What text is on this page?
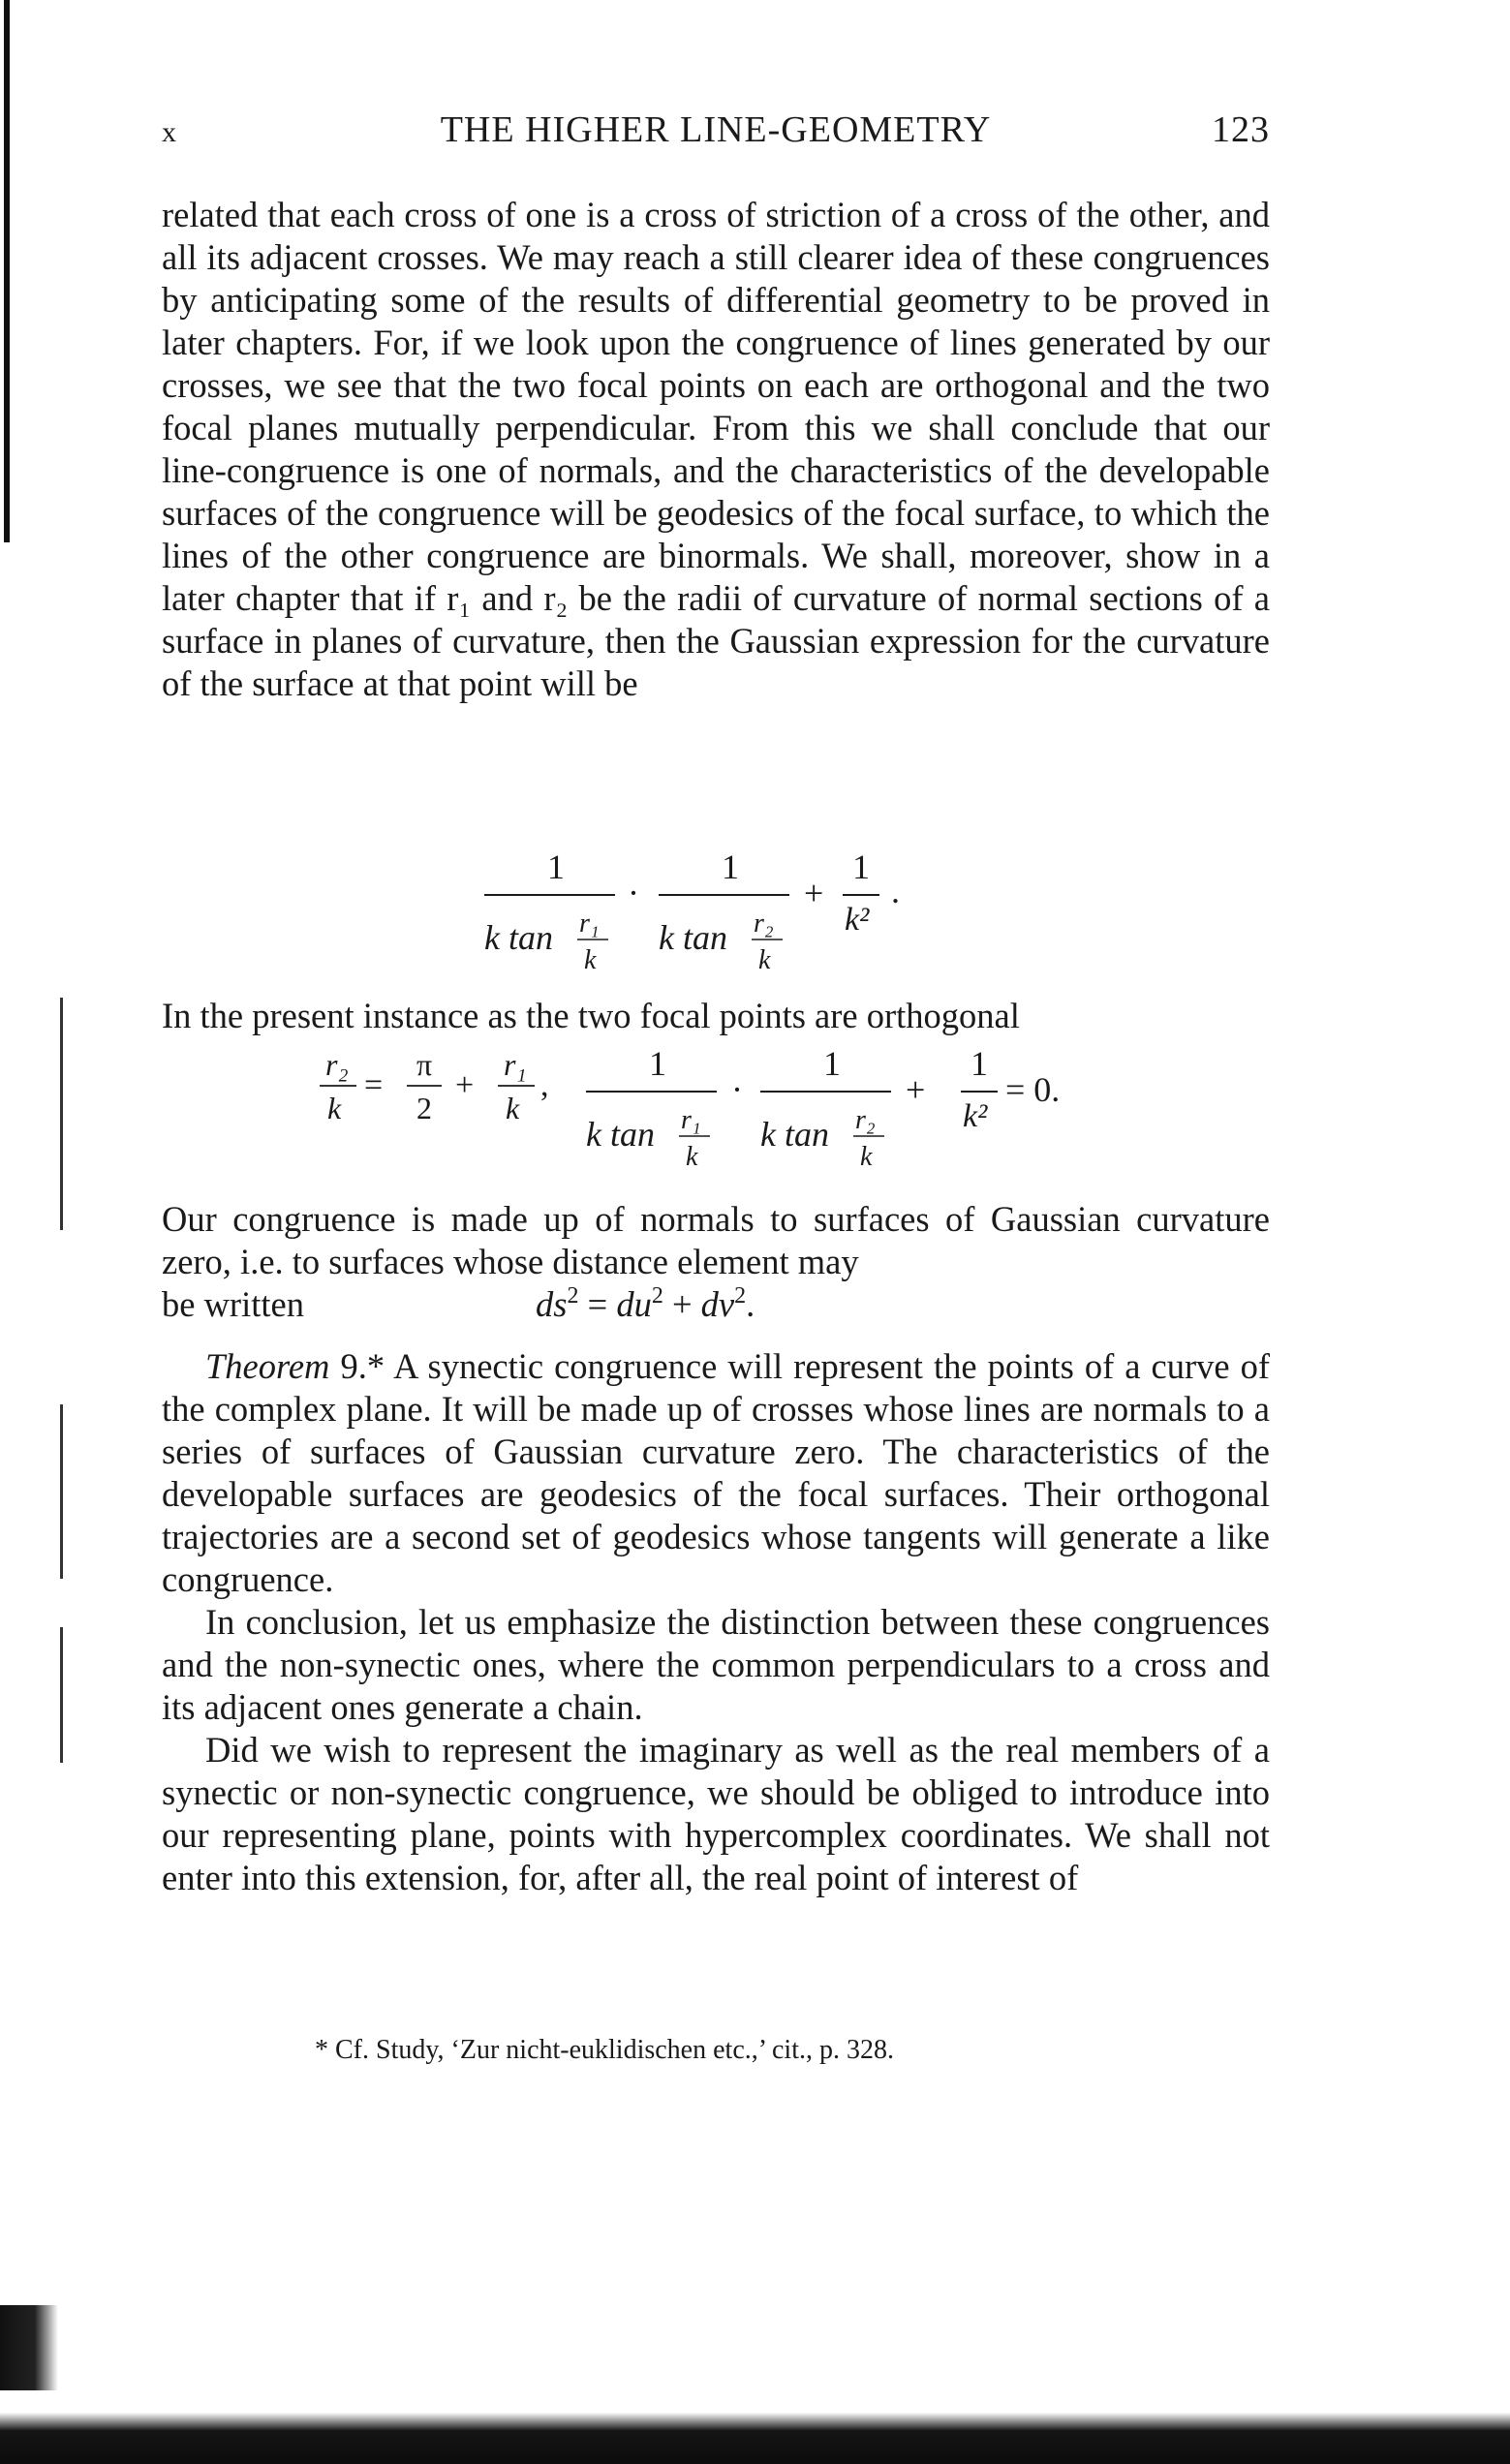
x	THE HIGHER LINE-GEOMETRY	123

related that each cross of one is a cross of striction of a cross of the other, and all its adjacent crosses. We may reach a still clearer idea of these congruences by anticipating some of the results of differential geometry to be proved in later chapters. For, if we look upon the congruence of lines generated by our crosses, we see that the two focal points on each are orthogonal and the two focal planes mutually perpendicular. From this we shall conclude that our line-congruence is one of normals, and the characteristics of the developable surfaces of the congruence will be geodesics of the focal surface, to which the lines of the other congruence are binormals. We shall, moreover, show in a later chapter that if r₁ and r₂ be the radii of curvature of normal sections of a surface in planes of curvature, then the Gaussian expression for the curvature of the surface at that point will be

1
k tan r₁
k
·
1
k tan r₂
k
+
1
k²
.

In the present instance as the two focal points are orthogonal

r₂
k
=
π
2
+
r₁
k
,
1
k tan r₁
k
·
1
k tan r₂
k
+
1
k²
= 0.

Our congruence is made up of normals to surfaces of Gaussian curvature zero, i.e. to surfaces whose distance element may

be written	$ds^2 = du^2 + dv^2$.

Theorem 9.* A synectic congruence will represent the points of a curve of the complex plane. It will be made up of crosses whose lines are normals to a series of surfaces of Gaussian curvature zero. The characteristics of the developable surfaces are geodesics of the focal surfaces. Their orthogonal trajectories are a second set of geodesics whose tangents will generate a like congruence.

In conclusion, let us emphasize the distinction between these congruences and the non-synectic ones, where the common perpendiculars to a cross and its adjacent ones generate a chain.

Did we wish to represent the imaginary as well as the real members of a synectic or non-synectic congruence, we should be obliged to introduce into our representing plane, points with hypercomplex coordinates. We shall not enter into this extension, for, after all, the real point of interest of

* Cf. Study, ‘Zur nicht-euklidischen etc.,’ cit., p. 328.
